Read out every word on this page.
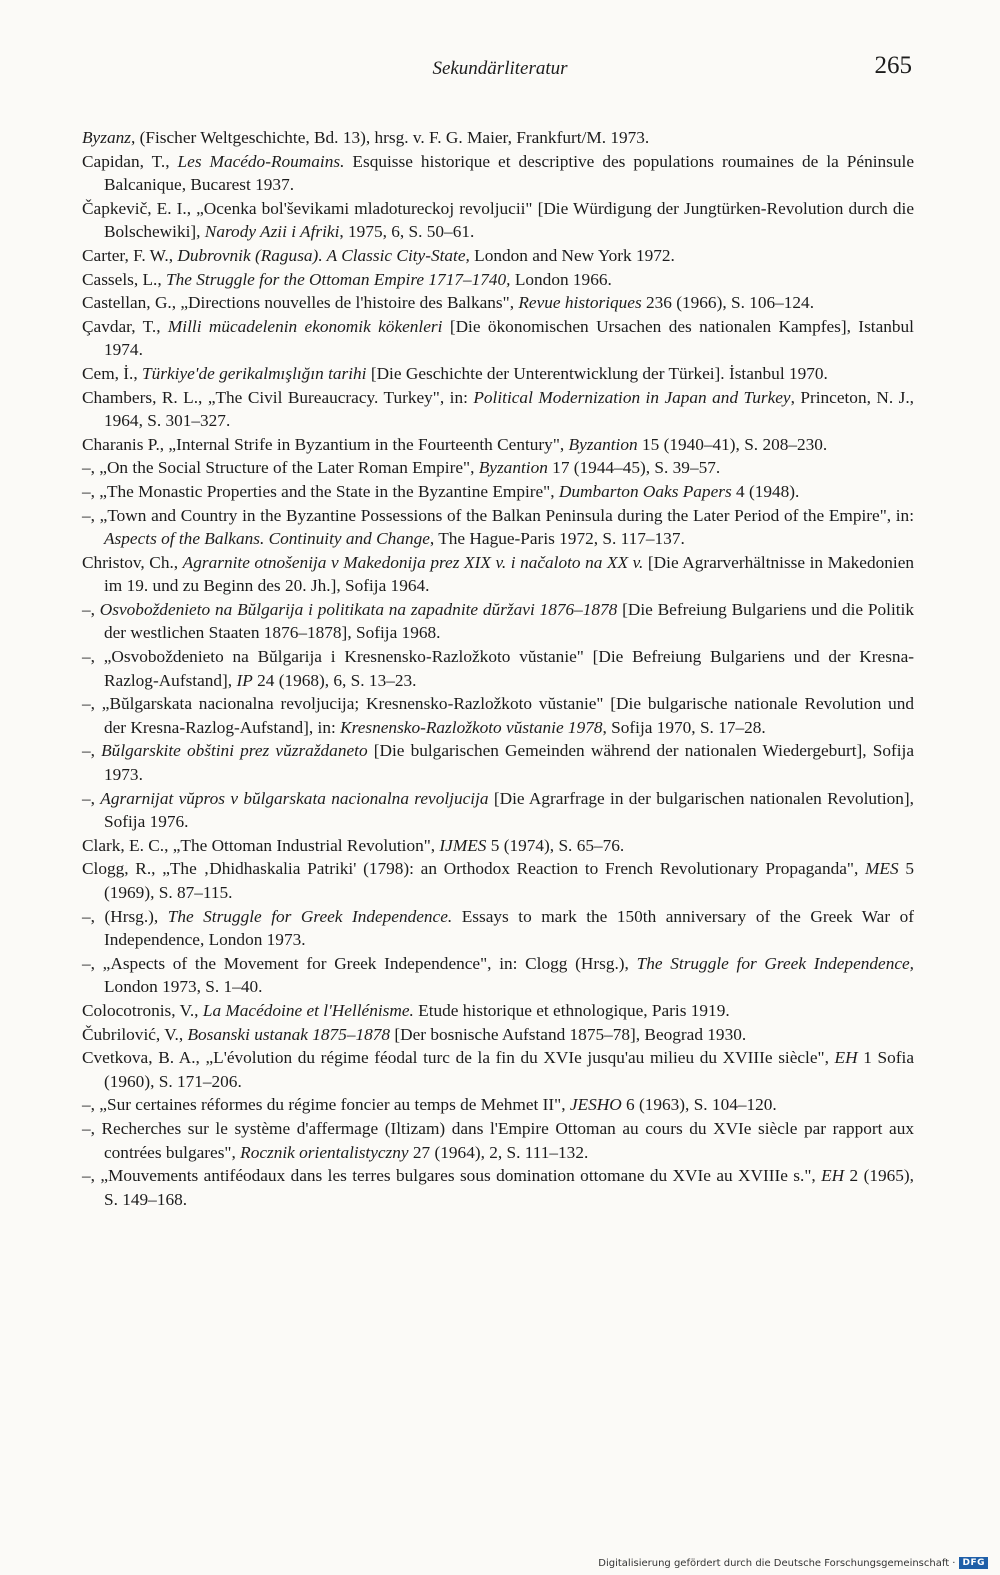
Sekundärliteratur	265
Byzanz, (Fischer Weltgeschichte, Bd. 13), hrsg. v. F. G. Maier, Frankfurt/M. 1973.
Capidan, T., Les Macédo-Roumains. Esquisse historique et descriptive des populations roumaines de la Péninsule Balcanique, Bucarest 1937.
Čapkevič, E. I., „Ocenka bol'ševikami mladotureckoj revoljucii" [Die Würdigung der Jungtürken-Revolution durch die Bolschewiki], Narody Azii i Afriki, 1975, 6, S. 50–61.
Carter, F. W., Dubrovnik (Ragusa). A Classic City-State, London and New York 1972.
Cassels, L., The Struggle for the Ottoman Empire 1717–1740, London 1966.
Castellan, G., „Directions nouvelles de l'histoire des Balkans", Revue historiques 236 (1966), S. 106–124.
Çavdar, T., Milli mücadelenin ekonomik kökenleri [Die ökonomischen Ursachen des nationalen Kampfes], Istanbul 1974.
Cem, İ., Türkiye'de gerikalmışlığın tarihi [Die Geschichte der Unterentwicklung der Türkei]. İstanbul 1970.
Chambers, R. L., „The Civil Bureaucracy. Turkey", in: Political Modernization in Japan and Turkey, Princeton, N. J., 1964, S. 301–327.
Charanis P., „Internal Strife in Byzantium in the Fourteenth Century", Byzantion 15 (1940–41), S. 208–230.
–, „On the Social Structure of the Later Roman Empire", Byzantion 17 (1944–45), S. 39–57.
–, „The Monastic Properties and the State in the Byzantine Empire", Dumbarton Oaks Papers 4 (1948).
–, „Town and Country in the Byzantine Possessions of the Balkan Peninsula during the Later Period of the Empire", in: Aspects of the Balkans. Continuity and Change, The Hague-Paris 1972, S. 117–137.
Christov, Ch., Agrarnite otnošenija v Makedonija prez XIX v. i načaloto na XX v. [Die Agrarverhältnisse in Makedonien im 19. und zu Beginn des 20. Jh.], Sofija 1964.
–, Osvoboždenieto na Bŭlgarija i politikata na zapadnite dŭržavi 1876–1878 [Die Befreiung Bulgariens und die Politik der westlichen Staaten 1876–1878], Sofija 1968.
–, „Osvoboždenieto na Bŭlgarija i Kresnensko-Razložkoto vŭstanie" [Die Befreiung Bulgariens und der Kresna-Razlog-Aufstand], IP 24 (1968), 6, S. 13–23.
–, „Bŭlgarskata nacionalna revoljucija; Kresnensko-Razložkoto vŭstanie" [Die bulgarische nationale Revolution und der Kresna-Razlog-Aufstand], in: Kresnensko-Razložkoto vŭstanie 1978, Sofija 1970, S. 17–28.
–, Bŭlgarskite obštini prez vŭzraždaneto [Die bulgarischen Gemeinden während der nationalen Wiedergeburt], Sofija 1973.
–, Agrarnijat vŭpros v bŭlgarskata nacionalna revoljucija [Die Agrarfrage in der bulgarischen nationalen Revolution], Sofija 1976.
Clark, E. C., „The Ottoman Industrial Revolution", IJMES 5 (1974), S. 65–76.
Clogg, R., „The ‚Dhidhaskalia Patriki' (1798): an Orthodox Reaction to French Revolutionary Propaganda", MES 5 (1969), S. 87–115.
–, (Hrsg.), The Struggle for Greek Independence. Essays to mark the 150th anniversary of the Greek War of Independence, London 1973.
–, „Aspects of the Movement for Greek Independence", in: Clogg (Hrsg.), The Struggle for Greek Independence, London 1973, S. 1–40.
Colocotronis, V., La Macédoine et l'Hellénisme. Etude historique et ethnologique, Paris 1919.
Čubrilović, V., Bosanski ustanak 1875–1878 [Der bosnische Aufstand 1875–78], Beograd 1930.
Cvetkova, B. A., „L'évolution du régime féodal turc de la fin du XVIe jusqu'au milieu du XVIIIe siècle", EH 1 Sofia (1960), S. 171–206.
–, „Sur certaines réformes du régime foncier au temps de Mehmet II", JESHO 6 (1963), S. 104–120.
–, Recherches sur le système d'affermage (Iltizam) dans l'Empire Ottoman au cours du XVIe siècle par rapport aux contrées bulgares", Rocznik orientalistyczny 27 (1964), 2, S. 111–132.
–, „Mouvements antiféodaux dans les terres bulgares sous domination ottomane du XVIe au XVIIIe s.", EH 2 (1965), S. 149–168.
Digitalisierung gefördert durch die Deutsche Forschungsgemeinschaft · DFG
